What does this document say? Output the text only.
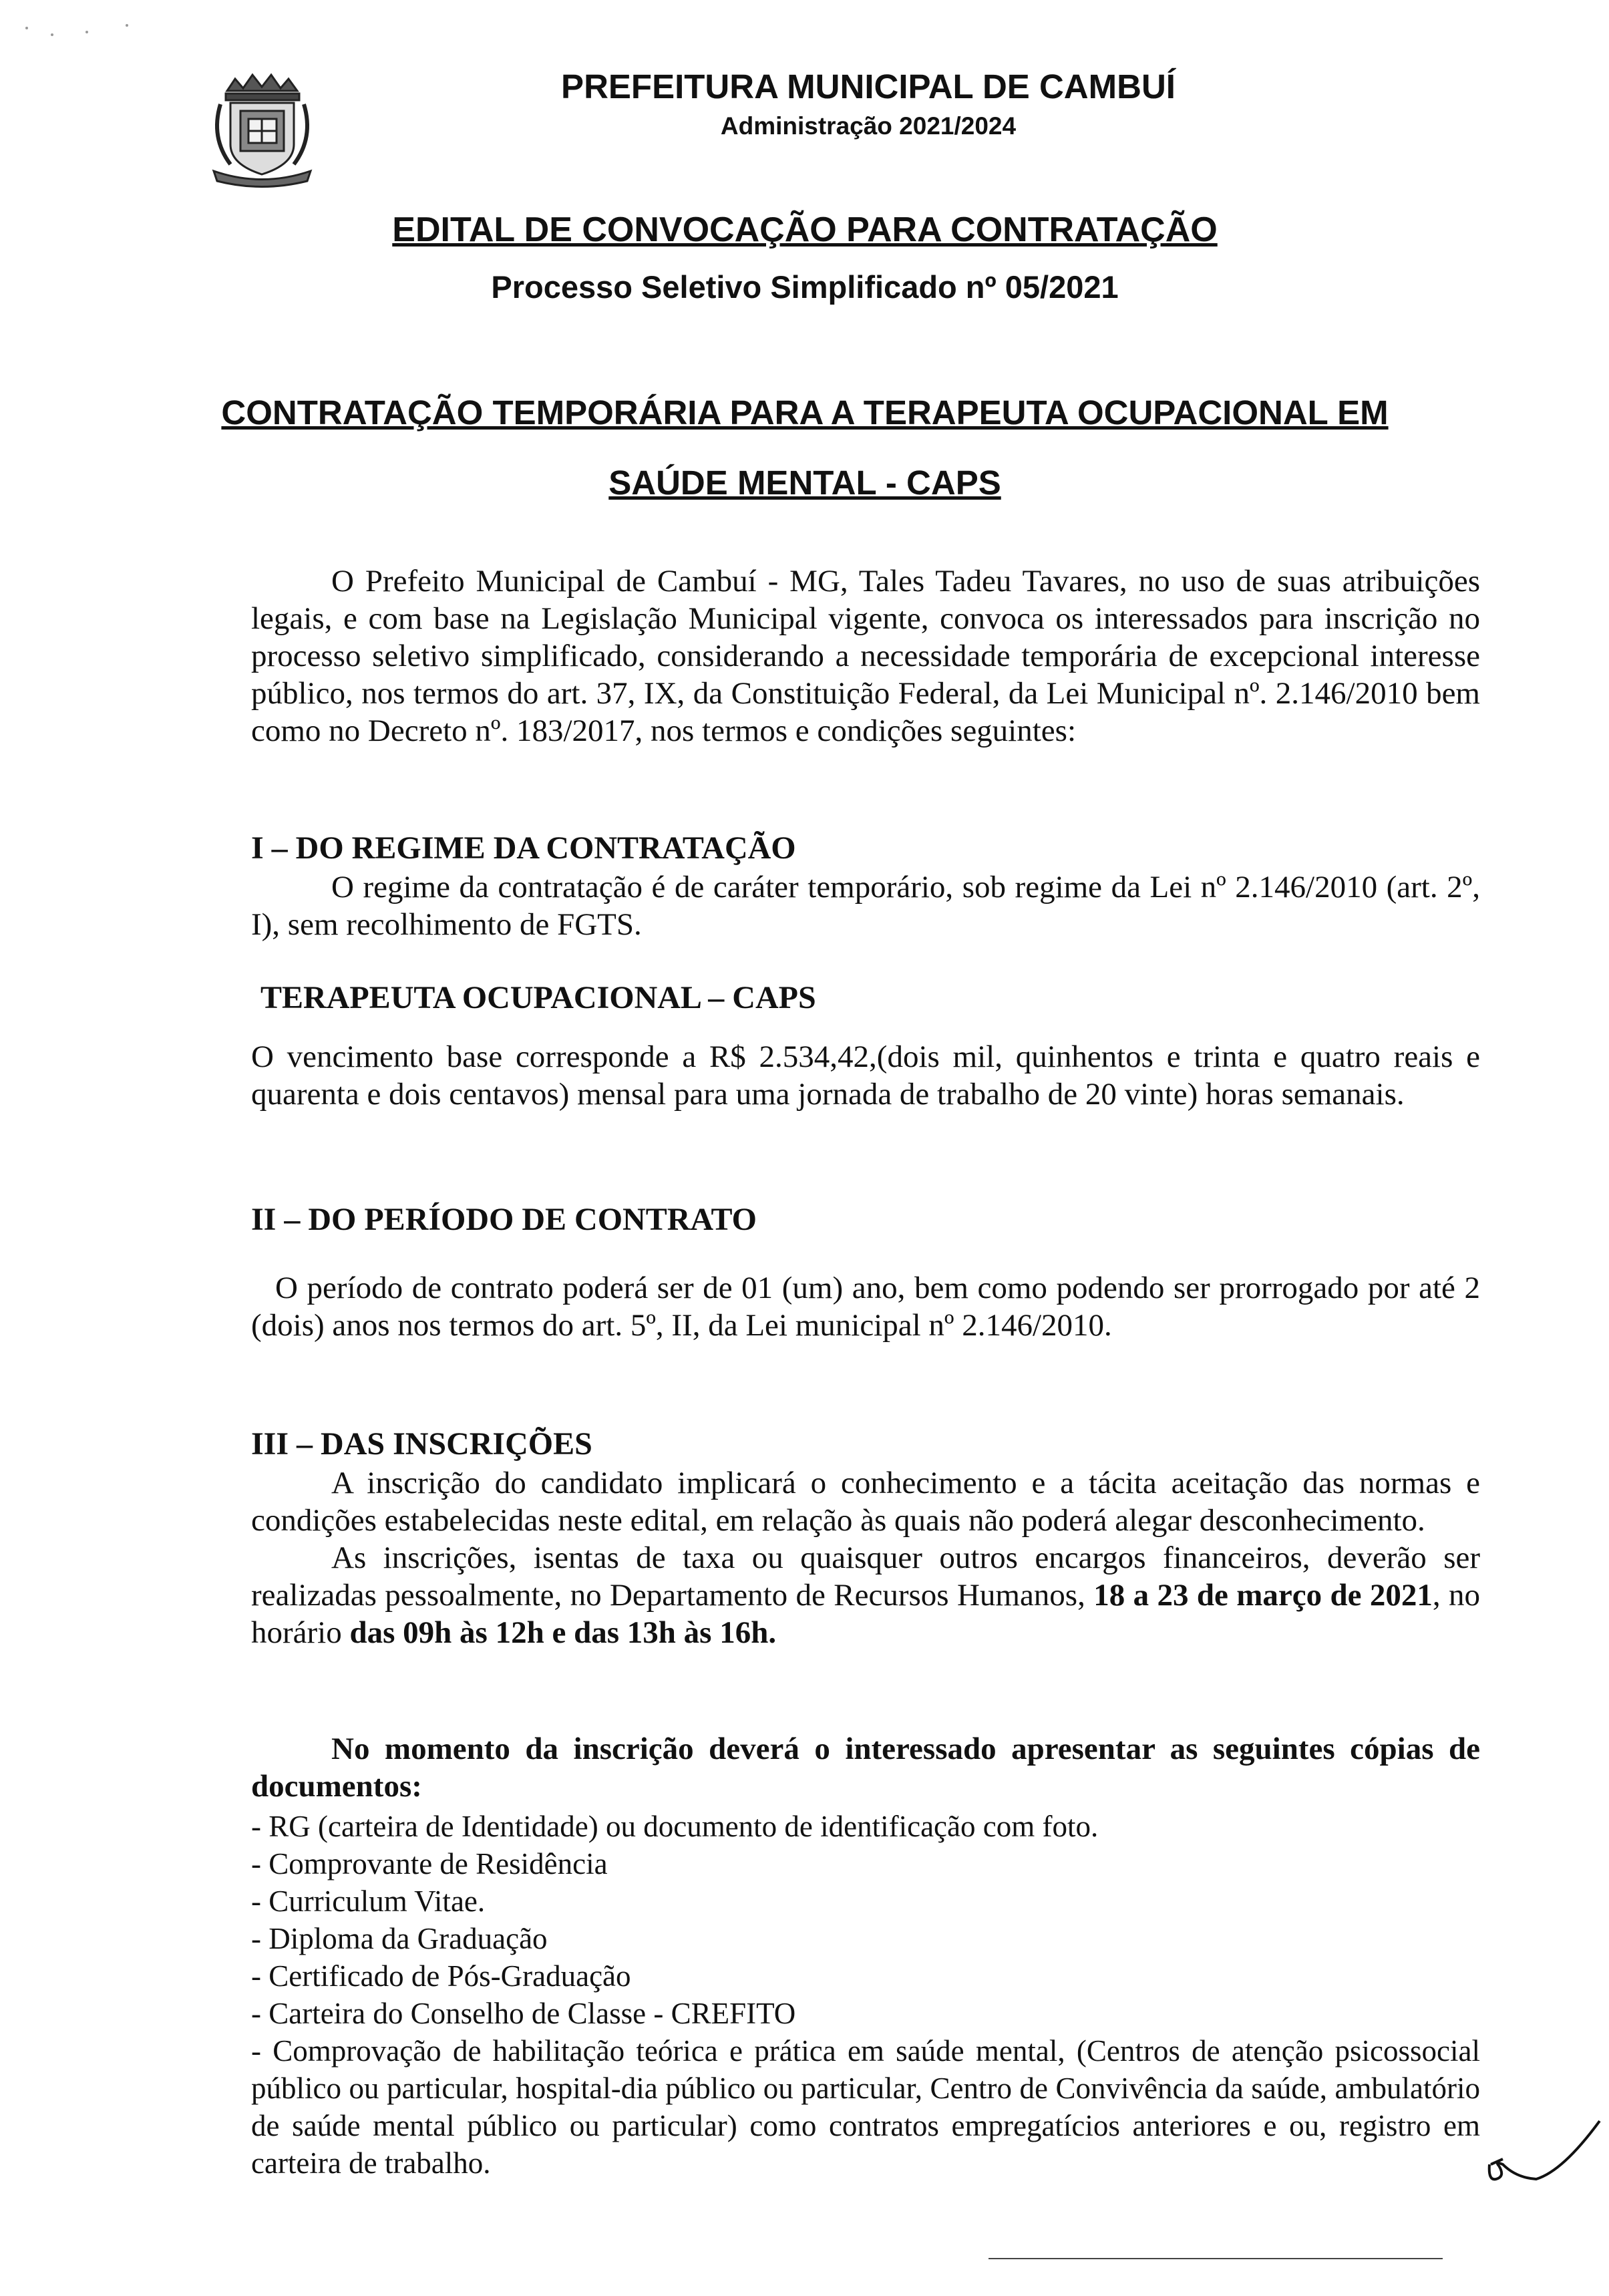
PREFEITURA MUNICIPAL DE CAMBUÍ
Administração 2021/2024
EDITAL DE CONVOCAÇÃO PARA CONTRATAÇÃO
Processo Seletivo Simplificado nº 05/2021
CONTRATAÇÃO TEMPORÁRIA PARA A TERAPEUTA OCUPACIONAL EM
SAÚDE MENTAL - CAPS

O Prefeito Municipal de Cambuí - MG, Tales Tadeu Tavares, no uso de suas atribuições legais, e com base na Legislação Municipal vigente, convoca os interessados para inscrição no processo seletivo simplificado, considerando a necessidade temporária de excepcional interesse público, nos termos do art. 37, IX, da Constituição Federal, da Lei Municipal nº. 2.146/2010 bem como no Decreto nº. 183/2017, nos termos e condições seguintes:

I – DO REGIME DA CONTRATAÇÃO

O regime da contratação é de caráter temporário, sob regime da Lei nº 2.146/2010 (art. 2º, I), sem recolhimento de FGTS.

TERAPEUTA OCUPACIONAL – CAPS

O vencimento base corresponde a R$ 2.534,42,(dois mil, quinhentos e trinta e quatro reais e quarenta e dois centavos) mensal para uma jornada de trabalho de 20 vinte) horas semanais.

II – DO PERÍODO DE CONTRATO

O período de contrato poderá ser de 01 (um) ano, bem como podendo ser prorrogado por até 2 (dois) anos nos termos do art. 5º, II, da Lei municipal nº 2.146/2010.

III – DAS INSCRIÇÕES

A inscrição do candidato implicará o conhecimento e a tácita aceitação das normas e condições estabelecidas neste edital, em relação às quais não poderá alegar desconhecimento.

As inscrições, isentas de taxa ou quaisquer outros encargos financeiros, deverão ser realizadas pessoalmente, no Departamento de Recursos Humanos, 18 a 23 de março de 2021, no horário das 09h às 12h e das 13h às 16h.

No momento da inscrição deverá o interessado apresentar as seguintes cópias de documentos:

- RG (carteira de Identidade) ou documento de identificação com foto.
- Comprovante de Residência
- Curriculum Vitae.
- Diploma da Graduação
- Certificado de Pós-Graduação
- Carteira do Conselho de Classe - CREFITO
- Comprovação de habilitação teórica e prática em saúde mental, (Centros de atenção psicossocial público ou particular, hospital-dia público ou particular, Centro de Convivência da saúde, ambulatório de saúde mental público ou particular) como contratos empregatícios anteriores e ou, registro em carteira de trabalho.
